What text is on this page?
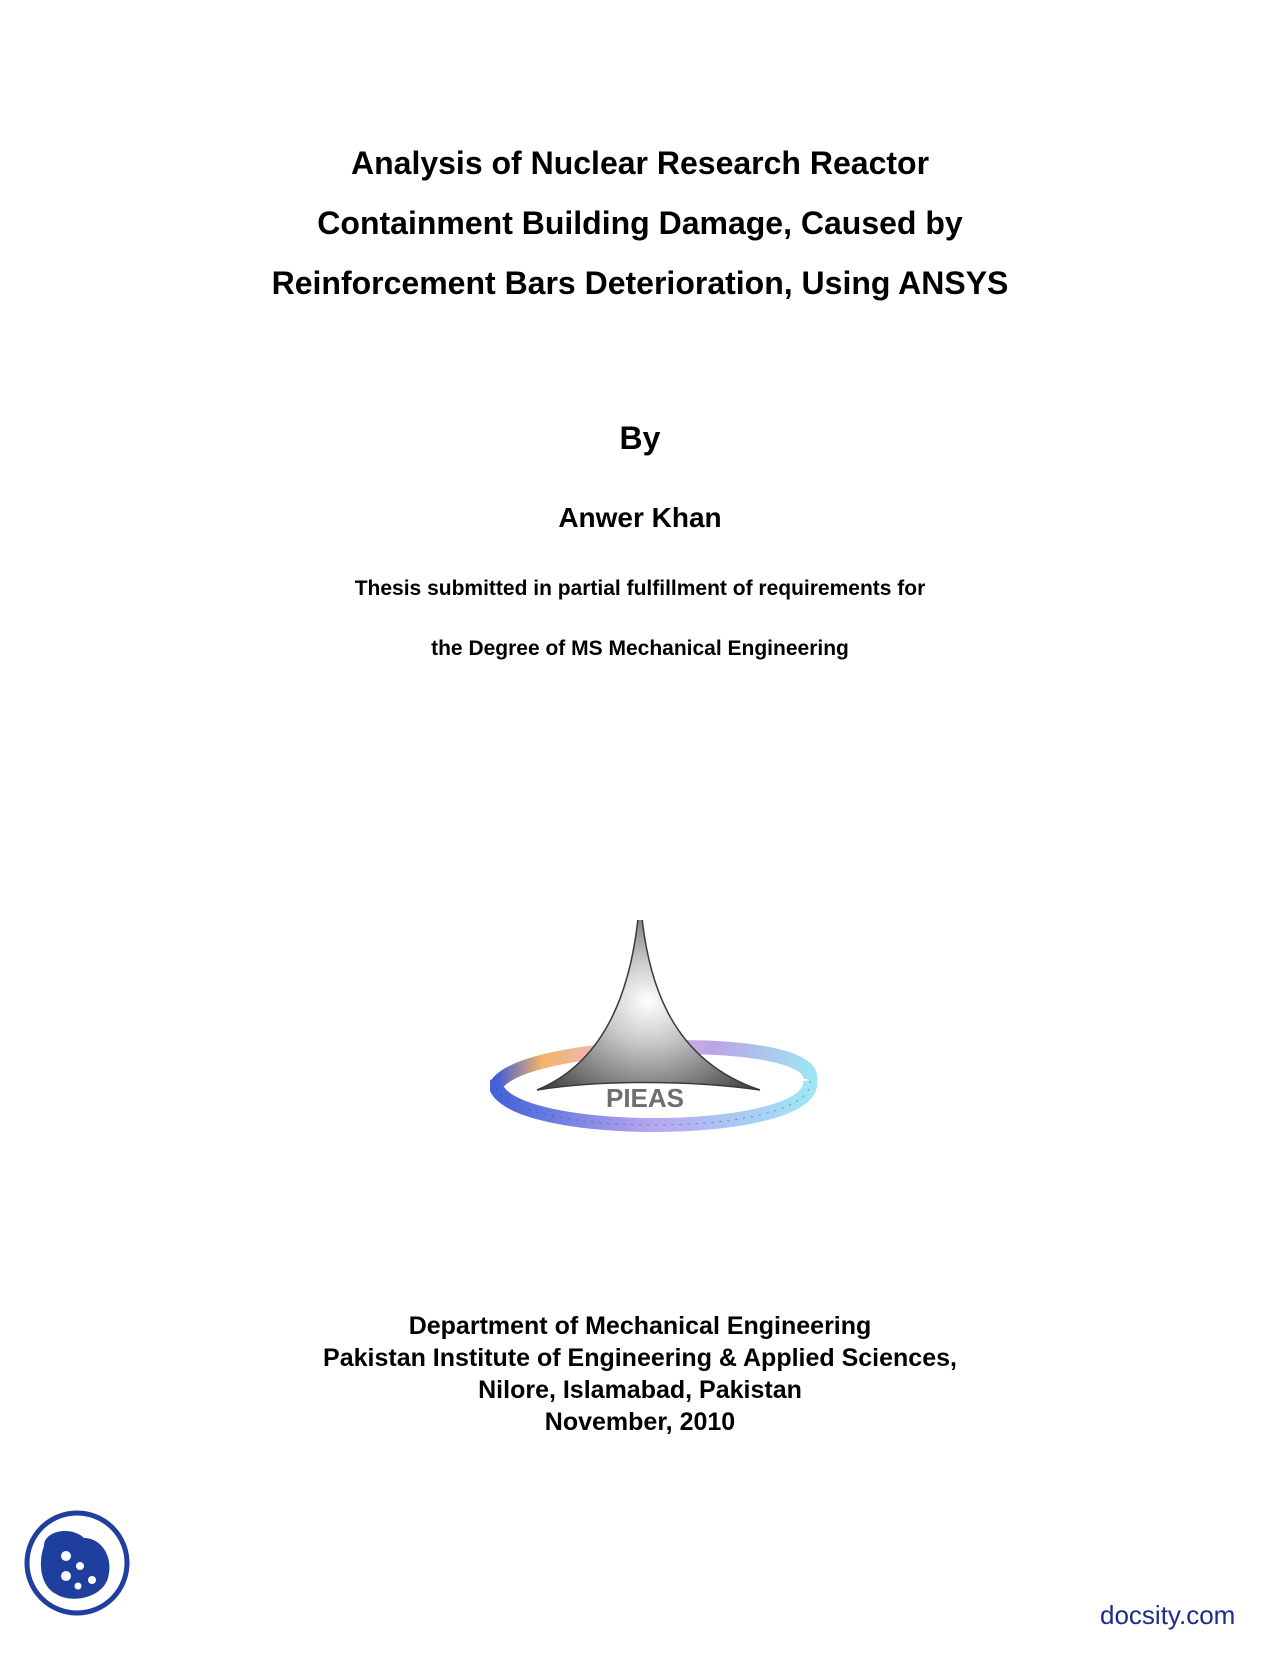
Analysis of Nuclear Research Reactor
Containment Building Damage, Caused by
Reinforcement Bars Deterioration, Using ANSYS
By
Anwer Khan
Thesis submitted in partial fulfillment of requirements for
the Degree of MS Mechanical Engineering
PIEAS
Department of Mechanical Engineering
Pakistan Institute of Engineering & Applied Sciences,
Nilore, Islamabad, Pakistan
November, 2010
docsity.com
